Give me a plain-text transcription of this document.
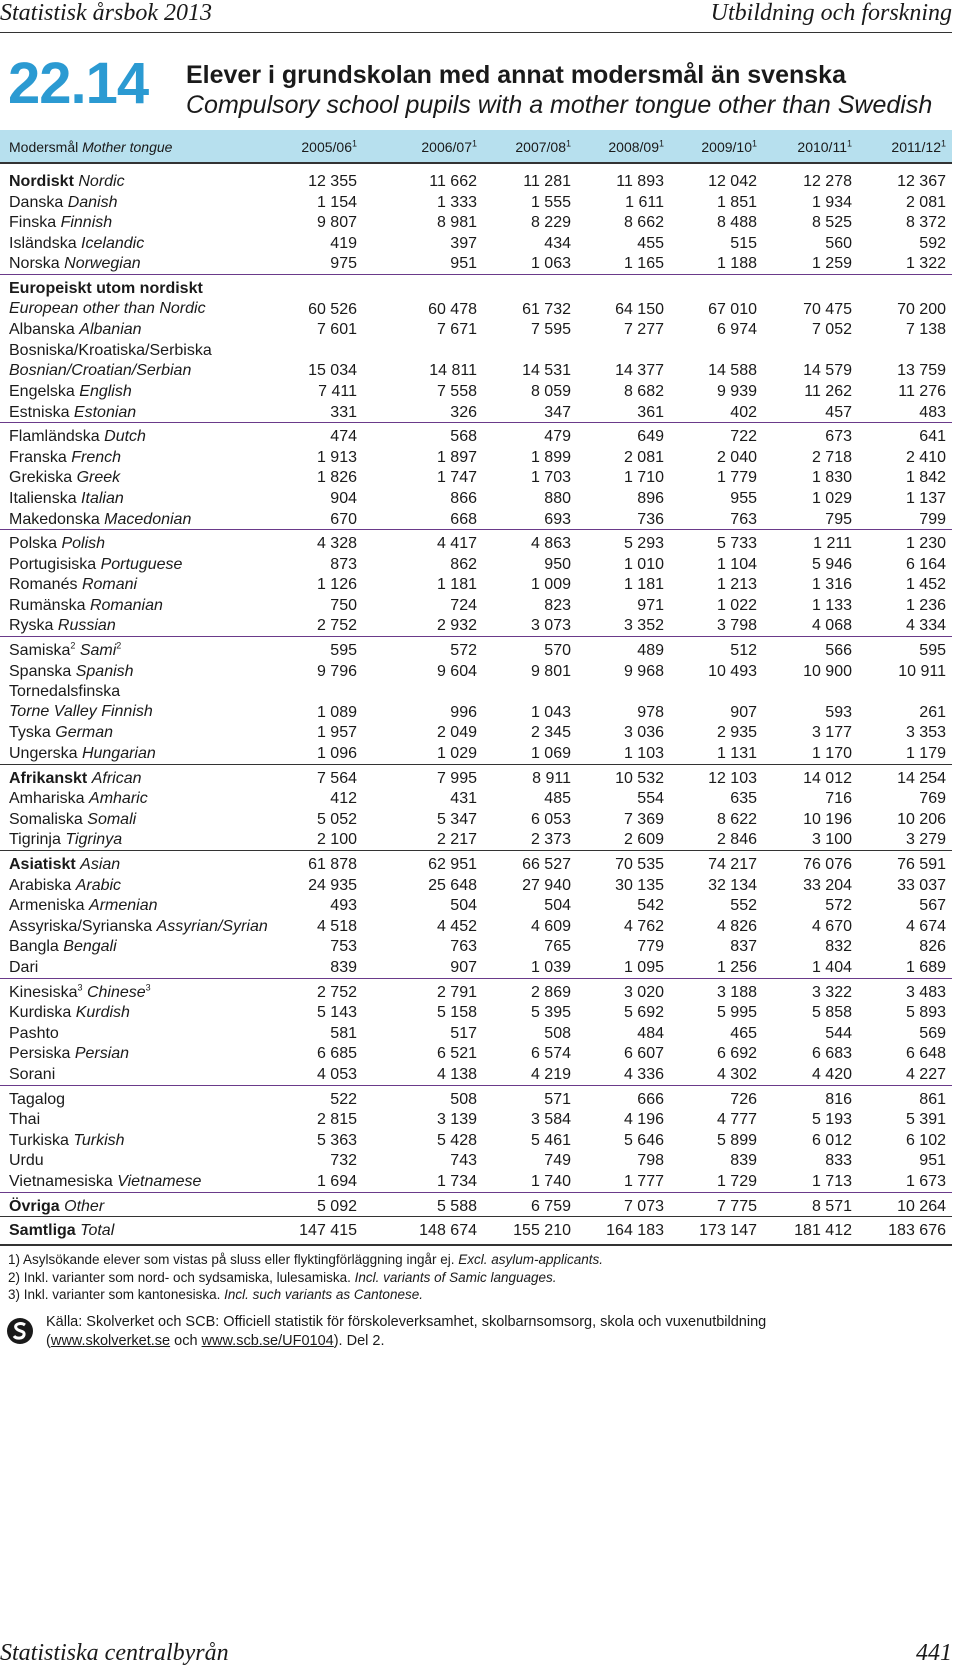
Statistisk årsbok 2013	Utbildning och forskning
22.14 Elever i grundskolan med annat modersmål än svenska
Compulsory school pupils with a mother tongue other than Swedish
Modersmål Mother tongue	$2005/06^1$	$2006/07^1$	$2007/08^1$	$2008/09^1$	$2009/10^1$	$2010/11^1$	$2011/12^1$
Nordiskt Nordic	12 355	11 662	11 281	11 893	12 042	12 278	12 367
Danska Danish	1 154	1 333	1 555	1 611	1 851	1 934	2 081
Finska Finnish	9 807	8 981	8 229	8 662	8 488	8 525	8 372
Isländska Icelandic	419	397	434	455	515	560	592
Norska Norwegian	975	951	1 063	1 165	1 188	1 259	1 322
Europeiskt utom nordiskt
European other than Nordic	60 526	60 478	61 732	64 150	67 010	70 475	70 200
Albanska Albanian	7 601	7 671	7 595	7 277	6 974	7 052	7 138
Bosniska/Kroatiska/Serbiska
Bosnian/Croatian/Serbian	15 034	14 811	14 531	14 377	14 588	14 579	13 759
Engelska English	7 411	7 558	8 059	8 682	9 939	11 262	11 276
Estniska Estonian	331	326	347	361	402	457	483
Flamländska Dutch	474	568	479	649	722	673	641
Franska French	1 913	1 897	1 899	2 081	2 040	2 718	2 410
Grekiska Greek	1 826	1 747	1 703	1 710	1 779	1 830	1 842
Italienska Italian	904	866	880	896	955	1 029	1 137
Makedonska Macedonian	670	668	693	736	763	795	799
Polska Polish	4 328	4 417	4 863	5 293	5 733	1 211	1 230
Portugisiska Portuguese	873	862	950	1 010	1 104	5 946	6 164
Romanés Romani	1 126	1 181	1 009	1 181	1 213	1 316	1 452
Rumänska Romanian	750	724	823	971	1 022	1 133	1 236
Ryska Russian	2 752	2 932	3 073	3 352	3 798	4 068	4 334
Samiska$^2$ Sami$^2$	595	572	570	489	512	566	595
Spanska Spanish	9 796	9 604	9 801	9 968	10 493	10 900	10 911
Tornedalsfinska
Torne Valley Finnish	1 089	996	1 043	978	907	593	261
Tyska German	1 957	2 049	2 345	3 036	2 935	3 177	3 353
Ungerska Hungarian	1 096	1 029	1 069	1 103	1 131	1 170	1 179
Afrikanskt African	7 564	7 995	8 911	10 532	12 103	14 012	14 254
Amhariska Amharic	412	431	485	554	635	716	769
Somaliska Somali	5 052	5 347	6 053	7 369	8 622	10 196	10 206
Tigrinja Tigrinya	2 100	2 217	2 373	2 609	2 846	3 100	3 279
Asiatiskt Asian	61 878	62 951	66 527	70 535	74 217	76 076	76 591
Arabiska Arabic	24 935	25 648	27 940	30 135	32 134	33 204	33 037
Armeniska Armenian	493	504	504	542	552	572	567
Assyriska/Syrianska Assyrian/Syrian	4 518	4 452	4 609	4 762	4 826	4 670	4 674
Bangla Bengali	753	763	765	779	837	832	826
Dari	839	907	1 039	1 095	1 256	1 404	1 689
Kinesiska$^3$ Chinese$^3$	2 752	2 791	2 869	3 020	3 188	3 322	3 483
Kurdiska Kurdish	5 143	5 158	5 395	5 692	5 995	5 858	5 893
Pashto	581	517	508	484	465	544	569
Persiska Persian	6 685	6 521	6 574	6 607	6 692	6 683	6 648
Sorani	4 053	4 138	4 219	4 336	4 302	4 420	4 227
Tagalog	522	508	571	666	726	816	861
Thai	2 815	3 139	3 584	4 196	4 777	5 193	5 391
Turkiska Turkish	5 363	5 428	5 461	5 646	5 899	6 012	6 102
Urdu	732	743	749	798	839	833	951
Vietnamesiska Vietnamese	1 694	1 734	1 740	1 777	1 729	1 713	1 673
Övriga Other	5 092	5 588	6 759	7 073	7 775	8 571	10 264
Samtliga Total	147 415	148 674	155 210	164 183	173 147	181 412	183 676
1) Asylsökande elever som vistas på sluss eller flyktingförläggning ingår ej. Excl. asylum-applicants.
2) Inkl. varianter som nord- och sydsamiska, lulesamiska. Incl. variants of Samic languages.
3) Inkl. varianter som kantonesiska. Incl. such variants as Cantonese.
Källa: Skolverket och SCB: Officiell statistik för förskoleverksamhet, skolbarnsomsorg, skola och vuxenutbildning
(www.skolverket.se och www.scb.se/UF0104). Del 2.
Statistiska centralbyrån	441
